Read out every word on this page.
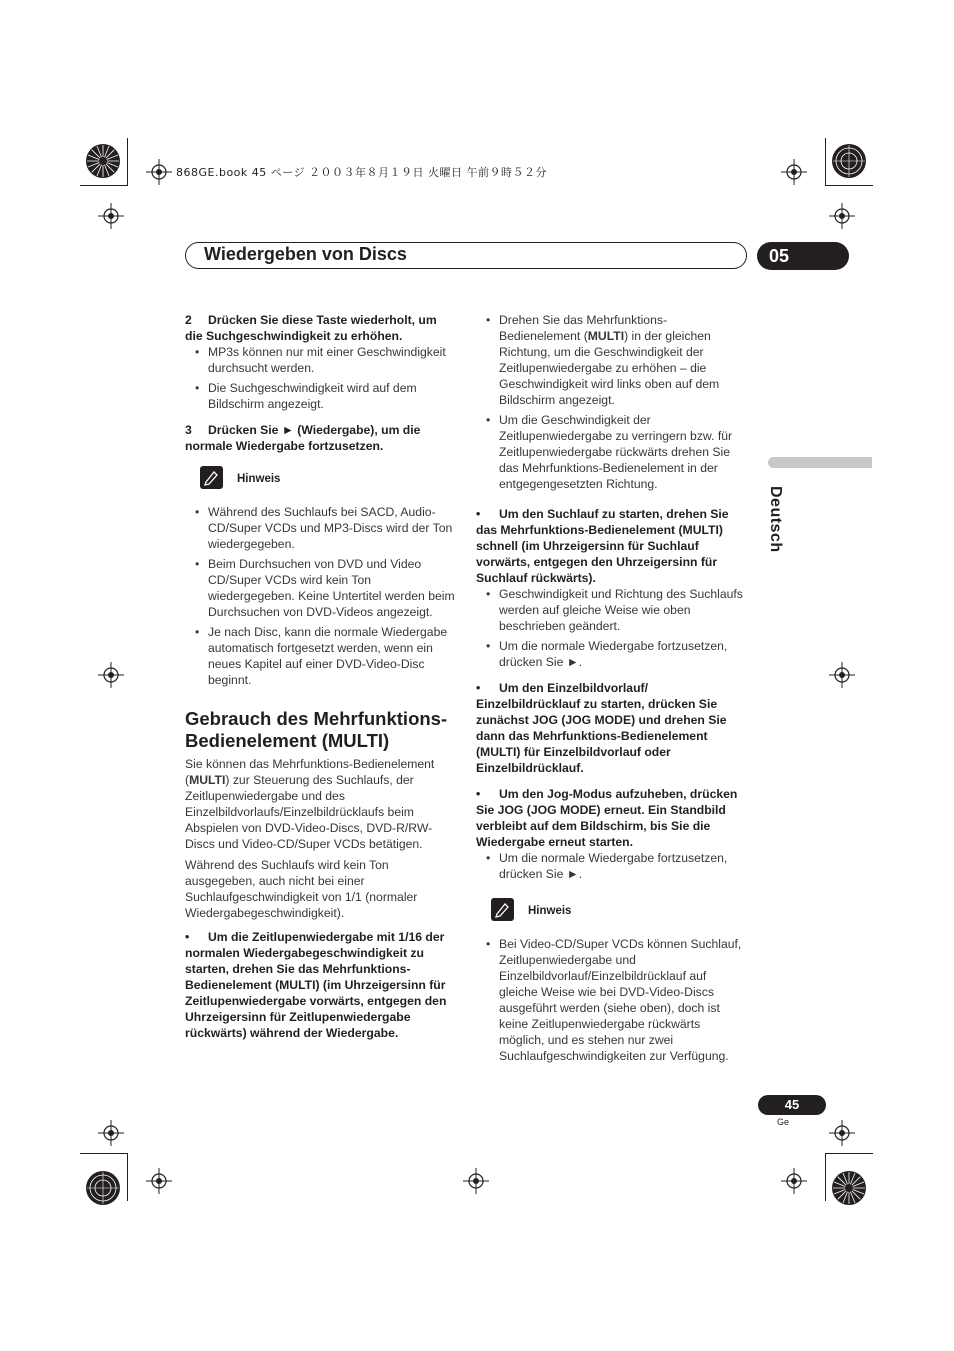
868GE.book 45 ページ ２００３年８月１９日 火曜日 午前９時５２分
Wiedergeben von Discs	05
Deutsch
2 Drücken Sie diese Taste wiederholt, um die Suchgeschwindigkeit zu erhöhen.
• MP3s können nur mit einer Geschwindigkeit durchsucht werden.
• Die Suchgeschwindigkeit wird auf dem Bildschirm angezeigt.
3 Drücken Sie ► (Wiedergabe), um die normale Wiedergabe fortzusetzen.
Hinweis
• Während des Suchlaufs bei SACD, Audio-CD/Super VCDs und MP3-Discs wird der Ton wiedergegeben.
• Beim Durchsuchen von DVD und Video CD/Super VCDs wird kein Ton wiedergegeben. Keine Untertitel werden beim Durchsuchen von DVD-Videos angezeigt.
• Je nach Disc, kann die normale Wiedergabe automatisch fortgesetzt werden, wenn ein neues Kapitel auf einer DVD-Video-Disc beginnt.
Gebrauch des Mehrfunktions-Bedienelement (MULTI)

Sie können das Mehrfunktions-Bedienelement (MULTI) zur Steuerung des Suchlaufs, der Zeitlupenwiedergabe und des Einzelbildvorlaufs/Einzelbildrücklaufs beim Abspielen von DVD-Video-Discs, DVD-R/RW-Discs und Video-CD/Super VCDs betätigen.

Während des Suchlaufs wird kein Ton ausgegeben, auch nicht bei einer Suchlaufgeschwindigkeit von 1/1 (normaler Wiedergabegeschwindigkeit).

• Um die Zeitlupenwiedergabe mit 1/16 der normalen Wiedergabegeschwindigkeit zu starten, drehen Sie das Mehrfunktions-Bedienelement (MULTI) (im Uhrzeigersinn für Zeitlupenwiedergabe vorwärts, entgegen den Uhrzeigersinn für Zeitlupenwiedergabe rückwärts) während der Wiedergabe.

• Drehen Sie das Mehrfunktions-Bedienelement (MULTI) in der gleichen Richtung, um die Geschwindigkeit der Zeitlupenwiedergabe zu erhöhen – die Geschwindigkeit wird links oben auf dem Bildschirm angezeigt.
• Um die Geschwindigkeit der Zeitlupenwiedergabe zu verringern bzw. für Zeitlupenwiedergabe rückwärts drehen Sie das Mehrfunktions-Bedienelement in der entgegengesetzten Richtung.

• Um den Suchlauf zu starten, drehen Sie das Mehrfunktions-Bedienelement (MULTI) schnell (im Uhrzeigersinn für Suchlauf vorwärts, entgegen den Uhrzeigersinn für Suchlauf rückwärts).

• Geschwindigkeit und Richtung des Suchlaufs werden auf gleiche Weise wie oben beschrieben geändert.
• Um die normale Wiedergabe fortzusetzen, drücken Sie ►.

• Um den Einzelbildvorlauf/ Einzelbildrücklauf zu starten, drücken Sie zunächst JOG (JOG MODE) und drehen Sie dann das Mehrfunktions-Bedienelement (MULTI) für Einzelbildvorlauf oder Einzelbildrücklauf.

• Um den Jog-Modus aufzuheben, drücken Sie JOG (JOG MODE) erneut. Ein Standbild verbleibt auf dem Bildschirm, bis Sie die Wiedergabe erneut starten.

• Um die normale Wiedergabe fortzusetzen, drücken Sie ►.
Hinweis
• Bei Video-CD/Super VCDs können Suchlauf, Zeitlupenwiedergabe und Einzelbildvorlauf/Einzelbildrücklauf auf gleiche Weise wie bei DVD-Video-Discs ausgeführt werden (siehe oben), doch ist keine Zeitlupenwiedergabe rückwärts möglich, und es stehen nur zwei Suchlaufgeschwindigkeiten zur Verfügung.
45
Ge
